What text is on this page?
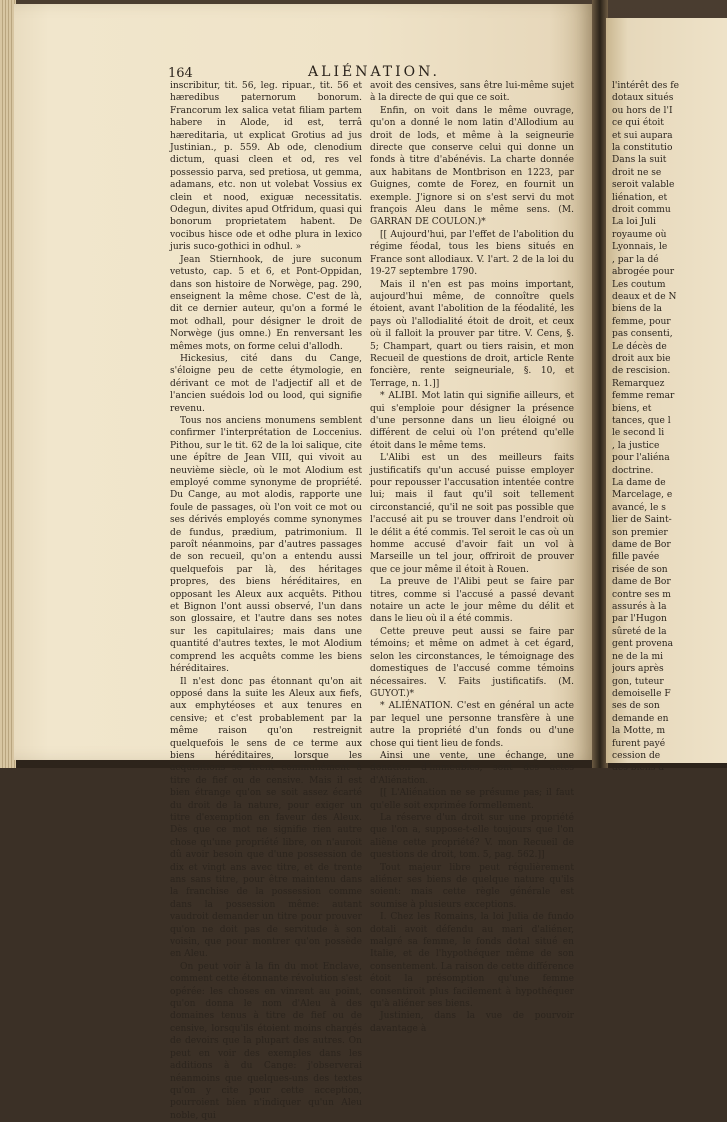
164	ALIÉNATION.

inscribitur, tit. 56, leg. ripuar., tit. 56 et hæredibus paternorum bonorum. Francorum lex salica vetat filiam partem habere in Alode, id est, terrâ hæreditaria, ut explicat Grotius ad jus Justinian., p. 559. Ab ode, clenodium dictum, quasi cleen et od, res vel possessio parva, sed pretiosa, ut gemma, adamans, etc. non ut volebat Vossius ex clein et nood, exiguæ necessitatis. Odegun, divites apud Otfridum, quasi qui bonorum proprietatem habent. De vocibus hisce ode et odhe plura in lexico juris suco-gothici in odhul. »

Jean Stiernhook, de jure suconum vetusto, cap. 5 et 6, et Pont-Oppidan, dans son histoire de Norwège, pag. 290, enseignent la même chose. C'est de là, dit ce dernier auteur, qu'on a formé le mot odhall, pour désigner le droit de Norwège (jus omne.) En renversant les mêmes mots, on forme celui d'allodh.

Hickesius, cité dans du Cange, s'éloigne peu de cette étymologie, en dérivant ce mot de l'adjectif all et de l'ancien suédois lod ou lood, qui signifie revenu.

Tous nos anciens monumens semblent confirmer l'interprétation de Loccenius. Pithou, sur le tit. 62 de la loi salique, cite une épître de Jean VIII, qui vivoit au neuvième siècle, où le mot Alodium est employé comme synonyme de propriété. Du Cange, au mot alodis, rapporte une foule de passages, où l'on voit ce mot ou ses dérivés employés comme synonymes de fundus, prædium, patrimonium. Il paroît néanmoins, par d'autres passages de son recueil, qu'on a entendu aussi quelquefois par là, des héritages propres, des biens héréditaires, en opposant les Aleux aux acquêts. Pithou et Bignon l'ont aussi observé, l'un dans son glossaire, et l'autre dans ses notes sur les capitulaires; mais dans une quantité d'autres textes, le mot Alodium comprend les acquêts comme les biens héréditaires.

Il n'est donc pas étonnant qu'on ait opposé dans la suite les Aleux aux fiefs, aux emphytéoses et aux tenures en censive; et c'est probablement par la même raison qu'on restreignit quelquefois le sens de ce terme aux biens héréditaires, lorsque les acquisitions se firent communément à titre de fief ou de censive. Mais il est bien étrange qu'on se soit assez écarté du droit de la nature, pour exiger un titre d'exemption en faveur des Aleux. Dès que ce mot ne signifie rien autre chose qu'une propriété libre, on n'auroit dû avoir besoin que d'une possession de dix et vingt ans avec titre, et de trente ans sans titre, pour être maintenu dans la franchise de la possession comme dans la possession même: autant vaudroit demander un titre pour prouver qu'on ne doit pas de servitude à son voisin, que pour montrer qu'on possède en Aleu.

On peut voir à la fin du mot Enclave, comment cette étonnante révolution s'est opérée: les choses en vinrent au point, qu'on donna le nom d'Aleu à des domaines tenus à titre de fief ou de censive, lorsqu'ils étoient moins chargés de devoirs que la plupart des autres. On peut en voir des exemples dans les additions à du Cange: j'observerai néanmoins que quelques-uns des textes qu'on y cite pour cette acception, pourroient bien n'indiquer qu'un Aleu noble, qui

avoit des censives, sans être lui-même sujet à la directe de qui que ce soit.

Enfin, on voit dans le même ouvrage, qu'on a donné le nom latin d'Allodium au droit de lods, et même à la seigneurie directe que conserve celui qui donne un fonds à titre d'abénévis. La charte donnée aux habitans de Montbrison en 1223, par Guignes, comte de Forez, en fournit un exemple. J'ignore si on s'est servi du mot françois Aleu dans le même sens. (M. GARRAN DE COULON.)*

[[ Aujourd'hui, par l'effet de l'abolition du régime féodal, tous les biens situés en France sont allodiaux. V. l'art. 2 de la loi du 19-27 septembre 1790.

Mais il n'en est pas moins important, aujourd'hui même, de connoître quels étoient, avant l'abolition de la féodalité, les pays où l'allodialité étoit de droit, et ceux où il falloit la prouver par titre. V. Cens, §. 5; Champart, quart ou tiers raisin, et mon Recueil de questions de droit, article Rente foncière, rente seigneuriale, §. 10, et Terrage, n. 1.]]

* ALIBI. Mot latin qui signifie ailleurs, et qui s'emploie pour désigner la présence d'une personne dans un lieu éloigné ou différent de celui où l'on prétend qu'elle étoit dans le même tems.

L'Alibi est un des meilleurs faits justificatifs qu'un accusé puisse employer pour repousser l'accusation intentée contre lui; mais il faut qu'il soit tellement circonstancié, qu'il ne soit pas possible que l'accusé ait pu se trouver dans l'endroit où le délit a été commis. Tel seroit le cas où un homme accusé d'avoir fait un vol à Marseille un tel jour, offriroit de prouver que ce jour même il étoit à Rouen.

La preuve de l'Alibi peut se faire par titres, comme si l'accusé a passé devant notaire un acte le jour même du délit et dans le lieu où il a été commis.

Cette preuve peut aussi se faire par témoins; et même on admet à cet égard, selon les circonstances, le témoignage des domestiques de l'accusé comme témoins nécessaires. V. Faits justificatifs. (M. GUYOT.)*

* ALIÉNATION. C'est en général un acte par lequel une personne transfère à une autre la propriété d'un fonds ou d'une chose qui tient lieu de fonds.

Ainsi une vente, une échange, une donation d'immeubles, sont des actes d'Aliénation.

[[ L'Aliénation ne se présume pas; il faut qu'elle soit exprimée formellement.

La réserve d'un droit sur une propriété que l'on a, suppose-t-elle toujours que l'on aliène cette propriété? V. mon Recueil de questions de droit, tom. 5, pag. 562.]]

Tout majeur libre peut régulièrement aliéner ses biens de quelque nature qu'ils soient: mais cette règle générale est soumise à plusieurs exceptions.

I. Chez les Romains, la loi Julia de fundo dotali avoit défendu au mari d'aliéner, malgré sa femme, le fonds dotal situé en Italie, et de l'hypothéquer même de son consentement. La raison de cette différence étoit la présomption qu'une femme consentiroit plus facilement à hypothéquer qu'à aliéner ses biens.

Justinien, dans la vue de pourvoir davantage à

l'intérêt des fe
dotaux situés
ou hors de l'I
ce qui étoit
et sui aupara
la constitutio
Dans la suit
droit ne se
seroit valable
liénation, et
droit commu
La loi Juli
royaume où
Lyonnais, le
, par la dé
abrogée pour
Les coutum
deaux et de N
biens de la
femme, pour
pas consenti,
Le décès de
droit aux bie
de rescision.
Remarquez
femme remar
biens, et
tances, que l
le second li
, la justice
pour l'aliéna
doctrine.
La dame de
Marcelage, e
avancé, le s
lier de Saint-
son premier
dame de Bor
fille pavée
risée de son
dame de Bor
contre ses m
assurés à la
par l'Hugon
sûreté de la
gent provena
ne de la mi
jours après
gon, tuteur
demoiselle F
ses de son
demande en
la Motte, m
furent payé
cession de
des biens d
